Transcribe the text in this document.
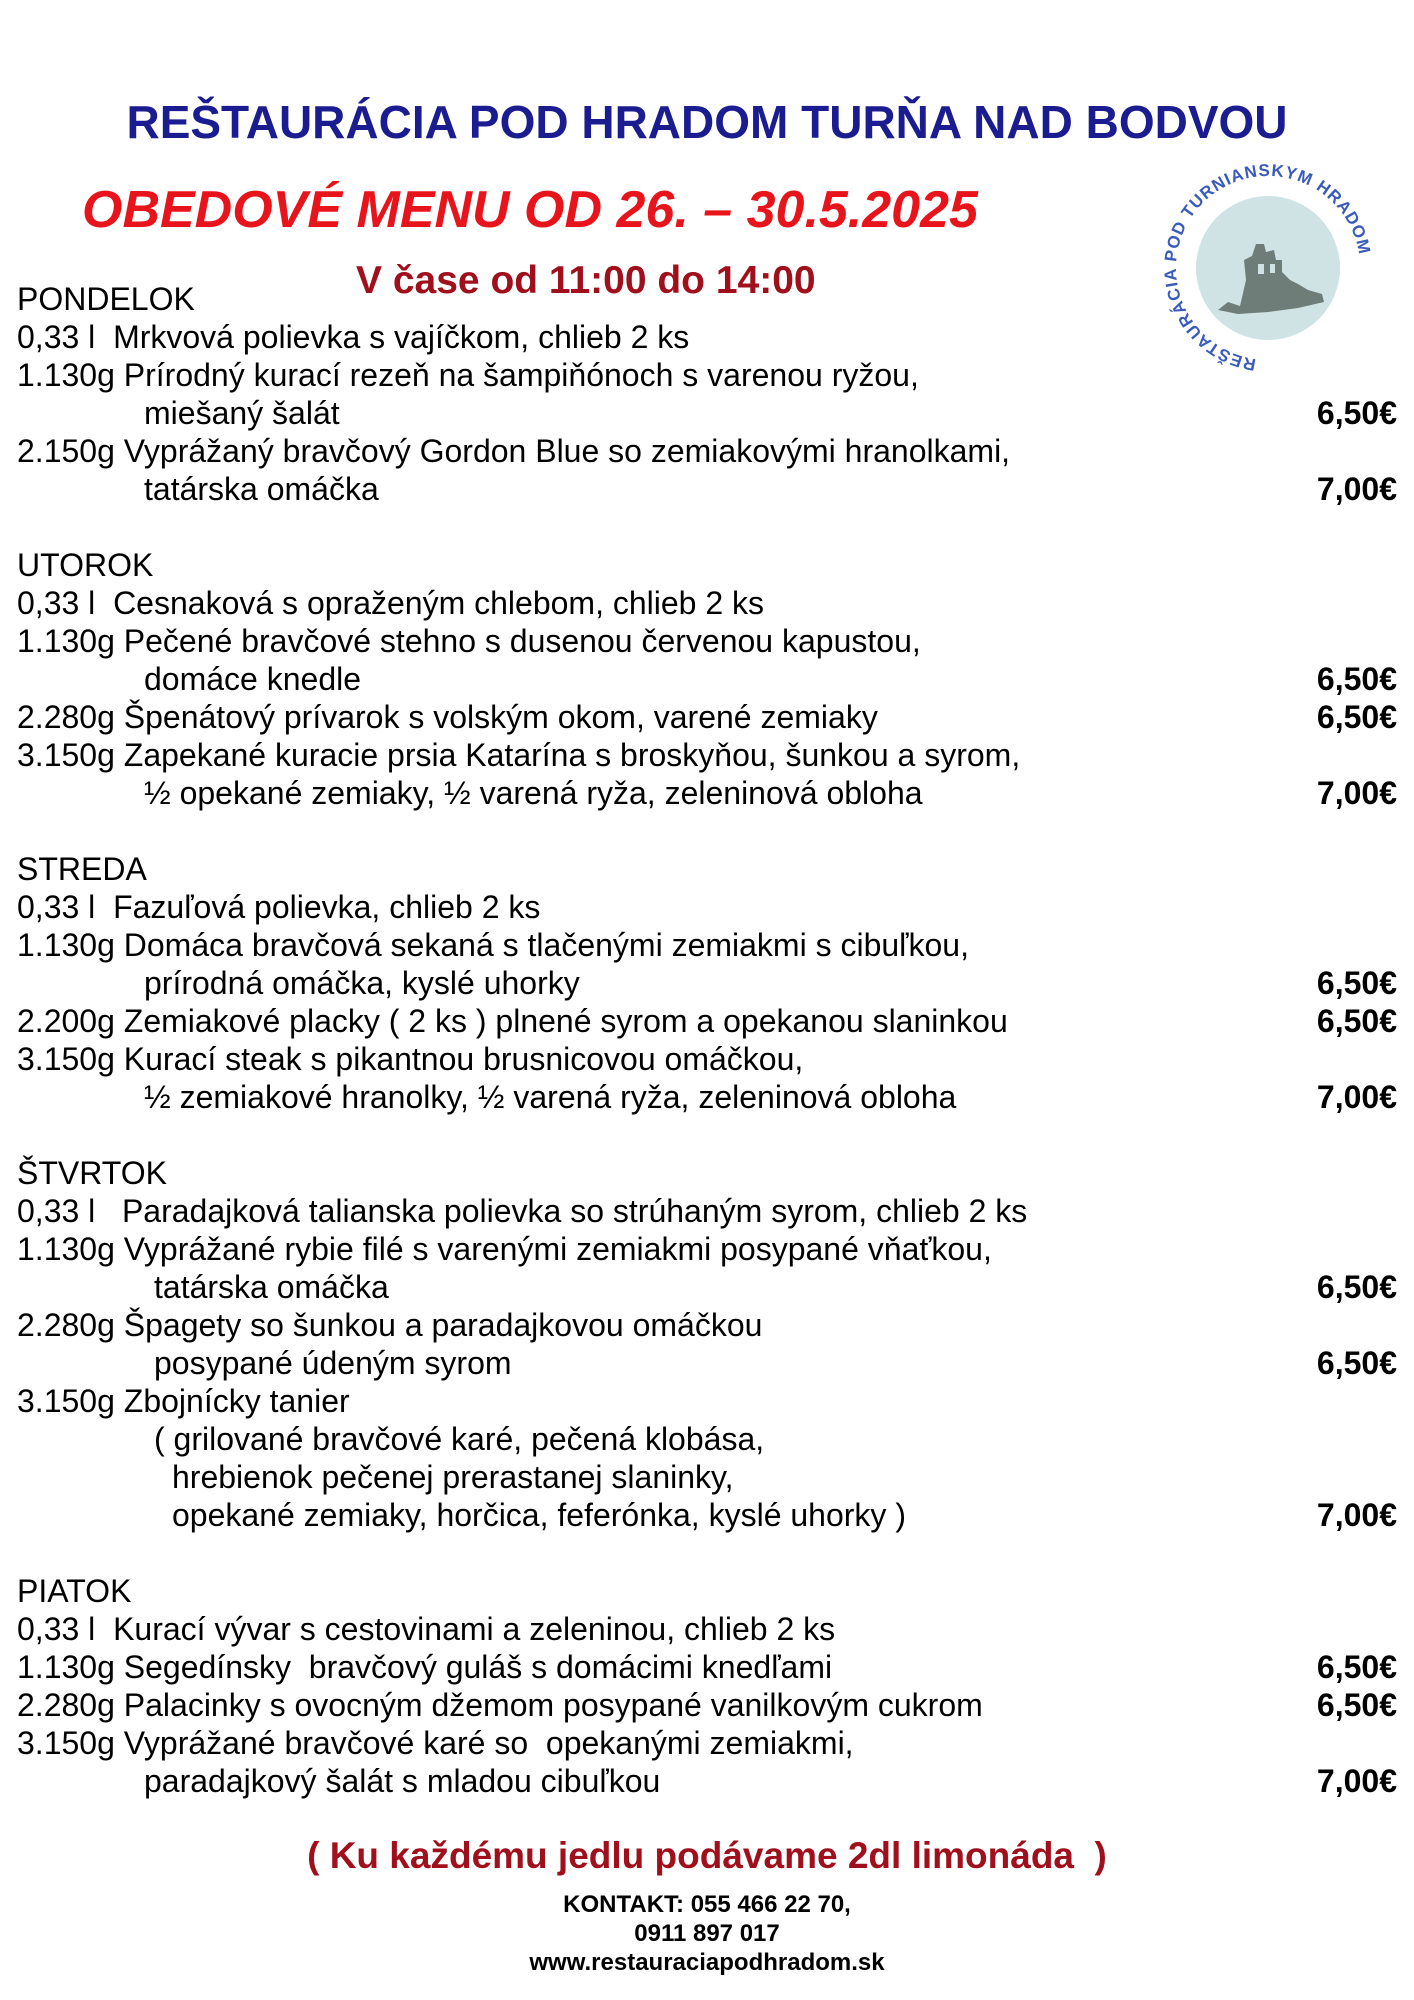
REŠTAURÁCIA POD HRADOM TURŇA NAD BODVOU
OBEDOVÉ MENU OD 26. – 30.5.2025
V čase od 11:00 do 14:00
REŠTAURÁCIA POD TURNIANSKYM HRADOM
PONDELOK
0,33 l  Mrkvová polievka s vajíčkom, chlieb 2 ks
1.130g Prírodný kurací rezeň na šampiňónoch s varenou ryžou,
miešaný šalát	6,50€
2.150g Vyprážaný bravčový Gordon Blue so zemiakovými hranolkami,
tatárska omáčka	7,00€
UTOROK
0,33 l  Cesnaková s opraženým chlebom, chlieb 2 ks
1.130g Pečené bravčové stehno s dusenou červenou kapustou,
domáce knedle	6,50€
2.280g Špenátový prívarok s volským okom, varené zemiaky	6,50€
3.150g Zapekané kuracie prsia Katarína s broskyňou, šunkou a syrom,
½ opekané zemiaky, ½ varená ryža, zeleninová obloha	7,00€
STREDA
0,33 l  Fazuľová polievka, chlieb 2 ks
1.130g Domáca bravčová sekaná s tlačenými zemiakmi s cibuľkou,
prírodná omáčka, kyslé uhorky	6,50€
2.200g Zemiakové placky ( 2 ks ) plnené syrom a opekanou slaninkou	6,50€
3.150g Kurací steak s pikantnou brusnicovou omáčkou,
½ zemiakové hranolky, ½ varená ryža, zeleninová obloha	7,00€
ŠTVRTOK
0,33 l   Paradajková talianska polievka so strúhaným syrom, chlieb 2 ks
1.130g Vyprážané rybie filé s varenými zemiakmi posypané vňaťkou,
tatárska omáčka	6,50€
2.280g Špagety so šunkou a paradajkovou omáčkou
posypané údeným syrom	6,50€
3.150g Zbojnícky tanier
( grilované bravčové karé, pečená klobása,
hrebienok pečenej prerastanej slaninky,
opekané zemiaky, horčica, feferónka, kyslé uhorky )	7,00€
PIATOK
0,33 l  Kurací vývar s cestovinami a zeleninou, chlieb 2 ks
1.130g Segedínsky  bravčový guláš s domácimi knedľami	6,50€
2.280g Palacinky s ovocným džemom posypané vanilkovým cukrom	6,50€
3.150g Vyprážané bravčové karé so  opekanými zemiakmi,
paradajkový šalát s mladou cibuľkou	7,00€
( Ku každému jedlu podávame 2dl limonáda  )
KONTAKT: 055 466 22 70,
0911 897 017
www.restauraciapodhradom.sk
